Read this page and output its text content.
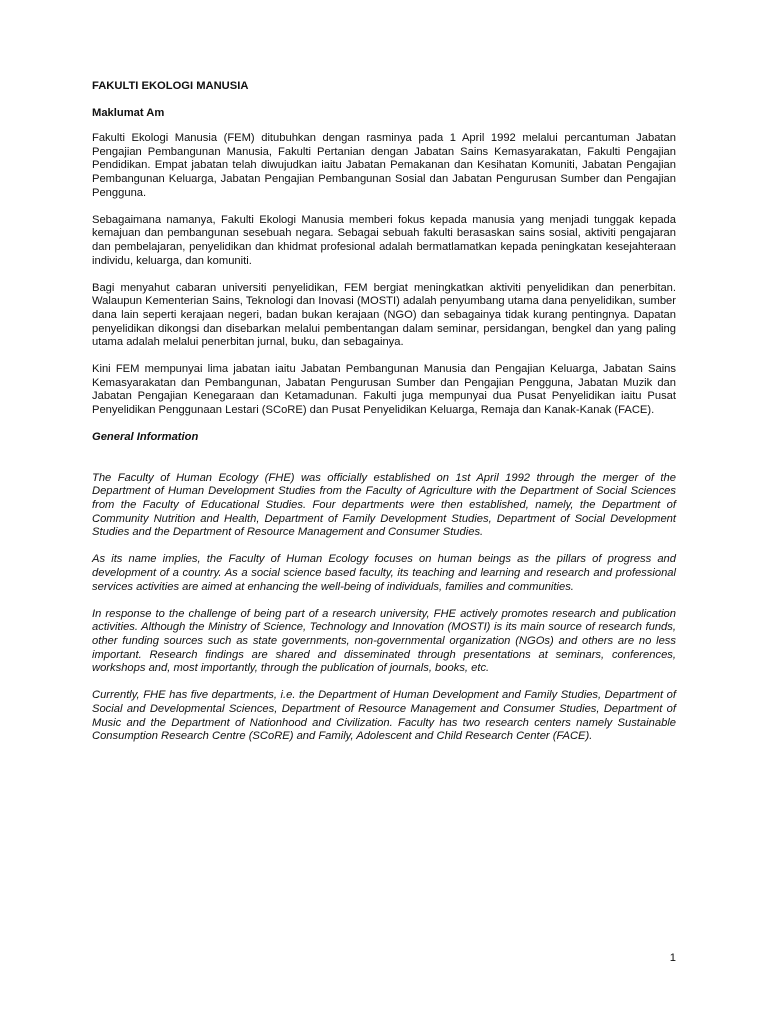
FAKULTI EKOLOGI MANUSIA
Maklumat Am

Fakulti Ekologi Manusia (FEM) ditubuhkan dengan rasminya pada 1 April 1992 melalui percantuman Jabatan Pengajian Pembangunan Manusia, Fakulti Pertanian dengan Jabatan Sains Kemasyarakatan, Fakulti Pengajian Pendidikan. Empat jabatan telah diwujudkan iaitu Jabatan Pemakanan dan Kesihatan Komuniti, Jabatan Pengajian Pembangunan Keluarga, Jabatan Pengajian Pembangunan Sosial dan Jabatan Pengurusan Sumber dan Pengajian Pengguna.

Sebagaimana namanya, Fakulti Ekologi Manusia memberi fokus kepada manusia yang menjadi tunggak kepada kemajuan dan pembangunan sesebuah negara. Sebagai sebuah fakulti berasaskan sains sosial, aktiviti pengajaran dan pembelajaran, penyelidikan dan khidmat profesional adalah bermatlamatkan kepada peningkatan kesejahteraan individu, keluarga, dan komuniti.

Bagi menyahut cabaran universiti penyelidikan, FEM bergiat meningkatkan aktiviti penyelidikan dan penerbitan. Walaupun Kementerian Sains, Teknologi dan Inovasi (MOSTI) adalah penyumbang utama dana penyelidikan, sumber dana lain seperti kerajaan negeri, badan bukan kerajaan (NGO) dan sebagainya tidak kurang pentingnya. Dapatan penyelidikan dikongsi dan disebarkan melalui pembentangan dalam seminar, persidangan, bengkel dan yang paling utama adalah melalui penerbitan jurnal, buku, dan sebagainya.

Kini FEM mempunyai lima jabatan iaitu Jabatan Pembangunan Manusia dan Pengajian Keluarga, Jabatan Sains Kemasyarakatan dan Pembangunan, Jabatan Pengurusan Sumber dan Pengajian Pengguna, Jabatan Muzik dan Jabatan Pengajian Kenegaraan dan Ketamadunan. Fakulti juga mempunyai dua Pusat Penyelidikan iaitu Pusat Penyelidikan Penggunaan Lestari (SCoRE) dan Pusat Penyelidikan Keluarga, Remaja dan Kanak-Kanak (FACE).

General Information

The Faculty of Human Ecology (FHE) was officially established on 1st April 1992 through the merger of the Department of Human Development Studies from the Faculty of Agriculture with the Department of Social Sciences from the Faculty of Educational Studies. Four departments were then established, namely, the Department of Community Nutrition and Health, Department of Family Development Studies, Department of Social Development Studies and the Department of Resource Management and Consumer Studies.

As its name implies, the Faculty of Human Ecology focuses on human beings as the pillars of progress and development of a country. As a social science based faculty, its teaching and learning and research and professional services activities are aimed at enhancing the well-being of individuals, families and communities.

In response to the challenge of being part of a research university, FHE actively promotes research and publication activities. Although the Ministry of Science, Technology and Innovation (MOSTI) is its main source of research funds, other funding sources such as state governments, non-governmental organization (NGOs) and others are no less important. Research findings are shared and disseminated through presentations at seminars, conferences, workshops and, most importantly, through the publication of journals, books, etc.

Currently, FHE has five departments, i.e. the Department of Human Development and Family Studies, Department of Social and Developmental Sciences, Department of Resource Management and Consumer Studies, Department of Music and the Department of Nationhood and Civilization. Faculty has two research centers namely Sustainable Consumption Research Centre (SCoRE) and Family, Adolescent and Child Research Center (FACE).

1
